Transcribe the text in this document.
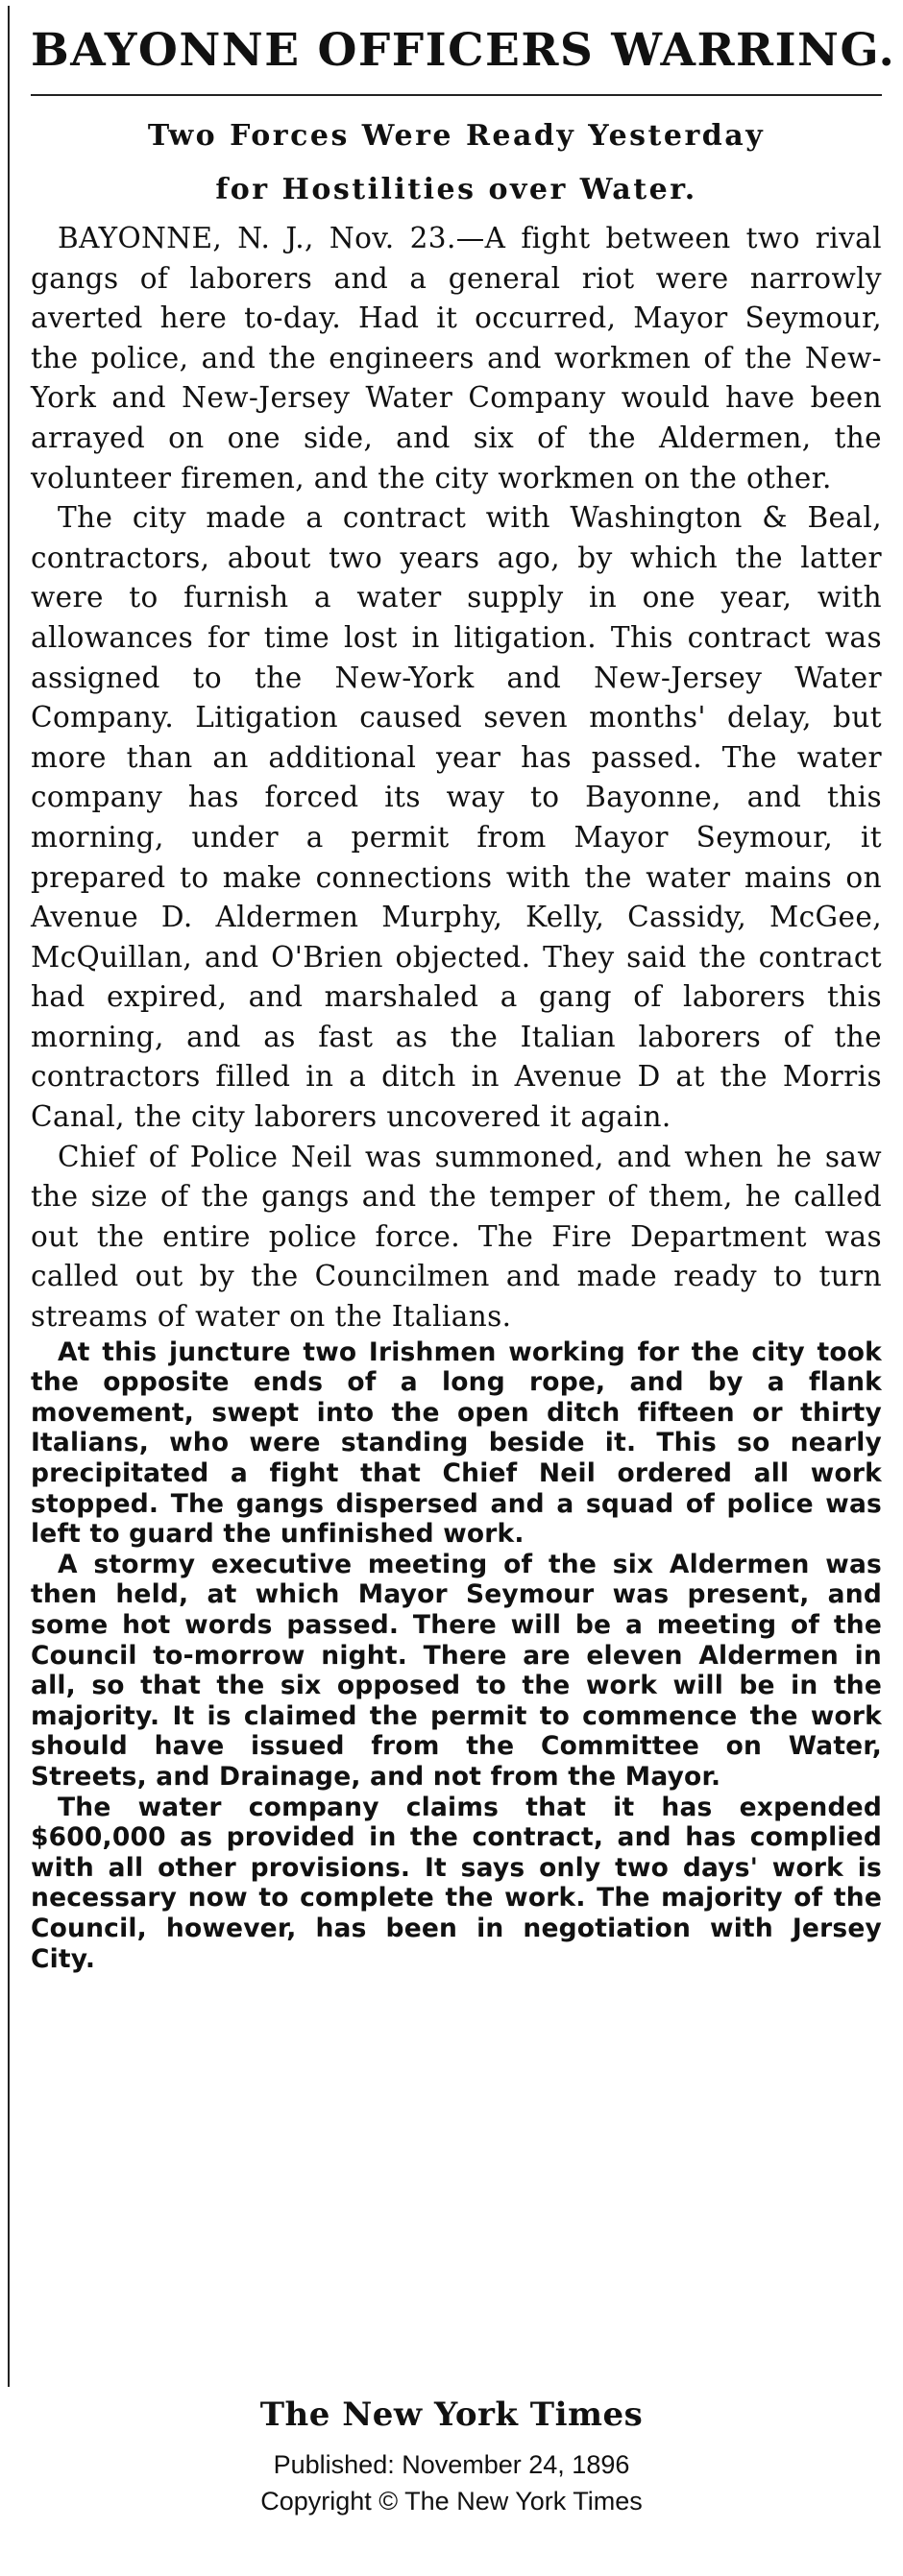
BAYONNE OFFICERS WARRING.
Two Forces Were Ready Yesterday
for Hostilities over Water.

BAYONNE, N. J., Nov. 23.—A fight between two rival gangs of laborers and a general riot were narrowly averted here to-day. Had it occurred, Mayor Seymour, the police, and the engineers and workmen of the New-York and New-Jersey Water Company would have been arrayed on one side, and six of the Aldermen, the volunteer firemen, and the city workmen on the other.

The city made a contract with Washington & Beal, contractors, about two years ago, by which the latter were to furnish a water supply in one year, with allowances for time lost in litigation. This contract was assigned to the New-York and New-Jersey Water Company. Litigation caused seven months' delay, but more than an additional year has passed. The water company has forced its way to Bayonne, and this morning, under a permit from Mayor Seymour, it prepared to make connections with the water mains on Avenue D. Aldermen Murphy, Kelly, Cassidy, McGee, McQuillan, and O'Brien objected. They said the contract had expired, and marshaled a gang of laborers this morning, and as fast as the Italian laborers of the contractors filled in a ditch in Avenue D at the Morris Canal, the city laborers uncovered it again.

Chief of Police Neil was summoned, and when he saw the size of the gangs and the temper of them, he called out the entire police force. The Fire Department was called out by the Councilmen and made ready to turn streams of water on the Italians.

At this juncture two Irishmen working for the city took the opposite ends of a long rope, and by a flank movement, swept into the open ditch fifteen or thirty Italians, who were standing beside it. This so nearly precipitated a fight that Chief Neil ordered all work stopped. The gangs dispersed and a squad of police was left to guard the unfinished work.

A stormy executive meeting of the six Aldermen was then held, at which Mayor Seymour was present, and some hot words passed. There will be a meeting of the Council to-morrow night. There are eleven Aldermen in all, so that the six opposed to the work will be in the majority. It is claimed the permit to commence the work should have issued from the Committee on Water, Streets, and Drainage, and not from the Mayor.

The water company claims that it has expended $600,000 as provided in the contract, and has complied with all other provisions. It says only two days' work is necessary now to complete the work. The majority of the Council, however, has been in negotiation with Jersey City.

The New York Times
Published: November 24, 1896
Copyright © The New York Times
